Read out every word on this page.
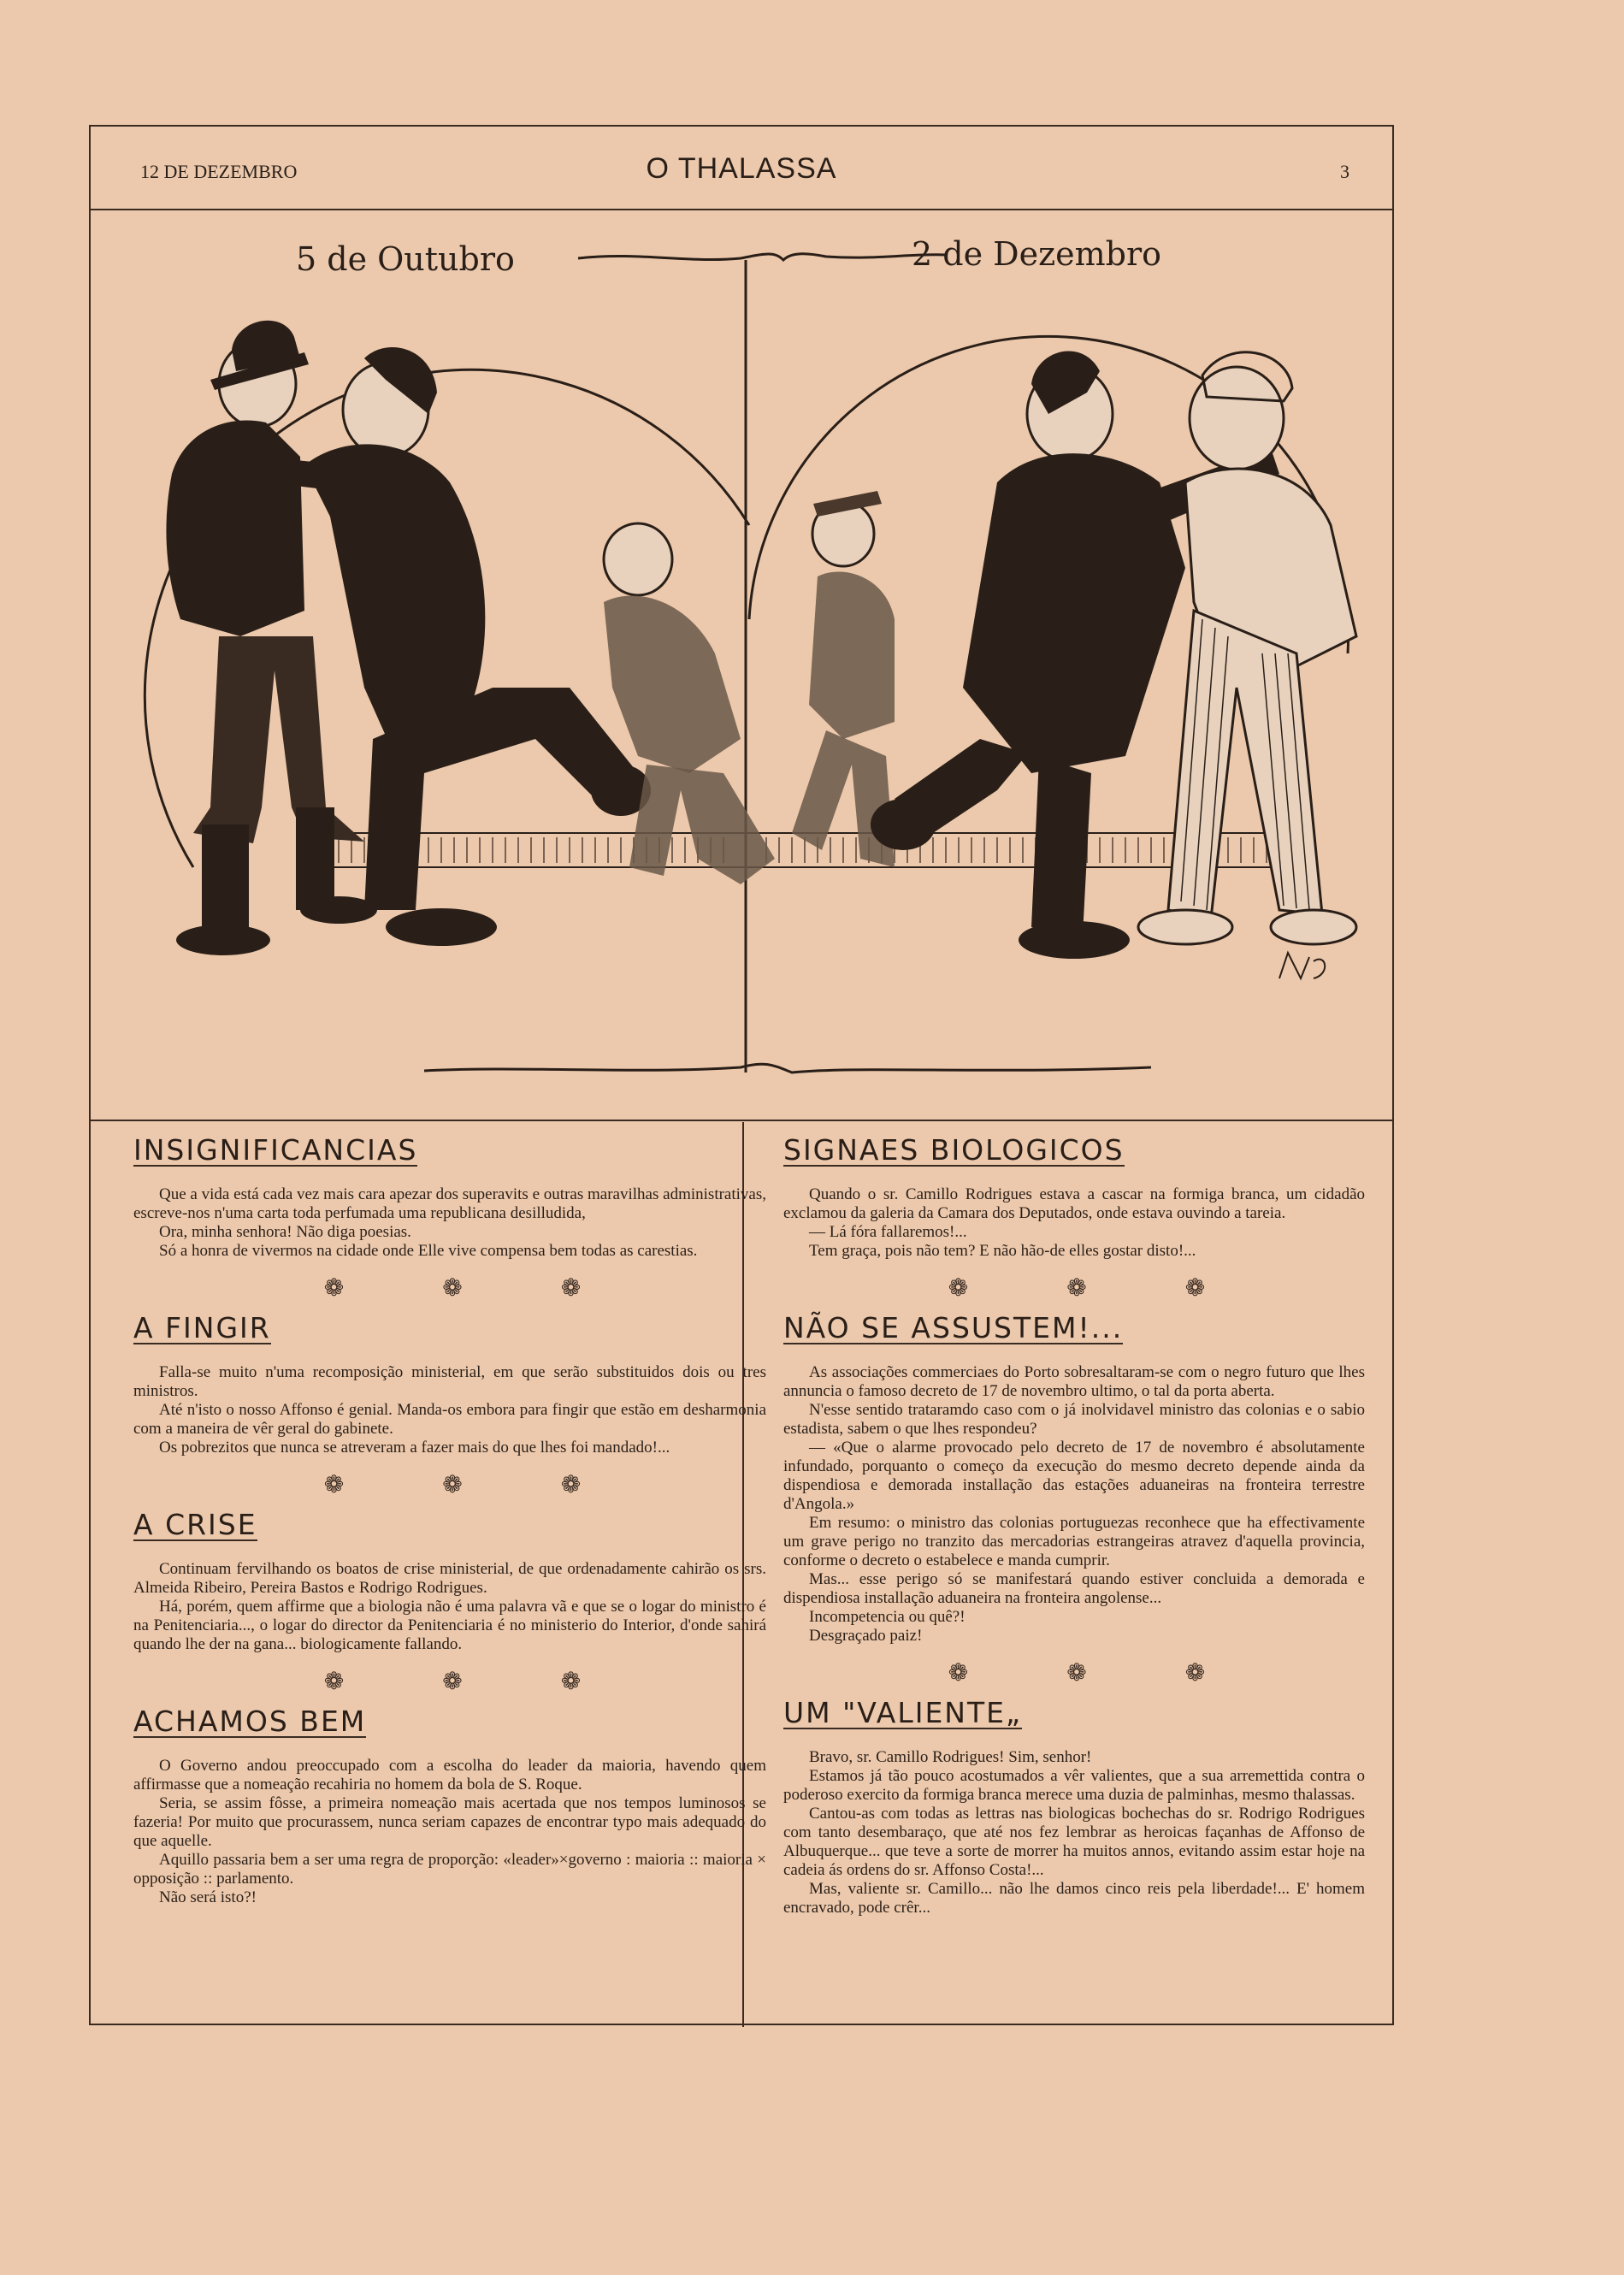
12 DE DEZEMBRO	O THALASSA	3
5 de Outubro	2 de Dezembro
INSIGNIFICANCIAS

Que a vida está cada vez mais cara apezar dos superavits e outras maravilhas administrativas, escreve-nos n'uma carta toda perfumada uma republicana desilludida,

Ora, minha senhora! Não diga poesias.

Só a honra de vivermos na cidade onde Elle vive compensa bem todas as carestias.

❁ ❁ ❁
A FINGIR

Falla-se muito n'uma recomposição ministerial, em que serão substituidos dois ou tres ministros.

Até n'isto o nosso Affonso é genial. Manda-os embora para fingir que estão em desharmonia com a maneira de vêr geral do gabinete.

Os pobrezitos que nunca se atreveram a fazer mais do que lhes foi mandado!...

❁ ❁ ❁
A CRISE

Continuam fervilhando os boatos de crise ministerial, de que ordenadamente cahirão os srs. Almeida Ribeiro, Pereira Bastos e Rodrigo Rodrigues.

Há, porém, quem affirme que a biologia não é uma palavra vã e que se o logar do ministro é na Penitenciaria..., o logar do director da Penitenciaria é no ministerio do Interior, d'onde sahirá quando lhe der na gana... biologicamente fallando.

❁ ❁ ❁
ACHAMOS BEM

O Governo andou preoccupado com a escolha do leader da maioria, havendo quem affirmasse que a nomeação recahiria no homem da bola de S. Roque.

Seria, se assim fôsse, a primeira nomeação mais acertada que nos tempos luminosos se fazeria! Por muito que procurassem, nunca seriam capazes de encontrar typo mais adequado do que aquelle.

Aquillo passaria bem a ser uma regra de proporção: «leader»×governo : maioria :: maioria × opposição :: parlamento.

Não será isto?!

SIGNAES BIOLOGICOS

Quando o sr. Camillo Rodrigues estava a cascar na formiga branca, um cidadão exclamou da galeria da Camara dos Deputados, onde estava ouvindo a tareia.

— Lá fóra fallaremos!...

Tem graça, pois não tem? E não hão-de elles gostar disto!...

❁ ❁ ❁
NÃO SE ASSUSTEM!...

As associações commerciaes do Porto sobresaltaram-se com o negro futuro que lhes annuncia o famoso decreto de 17 de novembro ultimo, o tal da porta aberta.

N'esse sentido trataramdo caso com o já inolvidavel ministro das colonias e o sabio estadista, sabem o que lhes respondeu?

— «Que o alarme provocado pelo decreto de 17 de novembro é absolutamente infundado, porquanto o começo da execução do mesmo decreto depende ainda da dispendiosa e demorada installação das estações aduaneiras na fronteira terrestre d'Angola.»

Em resumo: o ministro das colonias portuguezas reconhece que ha effectivamente um grave perigo no tranzito das mercadorias estrangeiras atravez d'aquella provincia, conforme o decreto o estabelece e manda cumprir.

Mas... esse perigo só se manifestará quando estiver concluida a demorada e dispendiosa installação aduaneira na fronteira angolense...

Incompetencia ou quê?!

Desgraçado paiz!

❁ ❁ ❁
UM "VALIENTE„

Bravo, sr. Camillo Rodrigues! Sim, senhor!

Estamos já tão pouco acostumados a vêr valientes, que a sua arremettida contra o poderoso exercito da formiga branca merece uma duzia de palminhas, mesmo thalassas.

Cantou-as com todas as lettras nas biologicas bochechas do sr. Rodrigo Rodrigues com tanto desembaraço, que até nos fez lembrar as heroicas façanhas de Affonso de Albuquerque... que teve a sorte de morrer ha muitos annos, evitando assim estar hoje na cadeia ás ordens do sr. Affonso Costa!...

Mas, valiente sr. Camillo... não lhe damos cinco reis pela liberdade!... E' homem encravado, pode crêr...
